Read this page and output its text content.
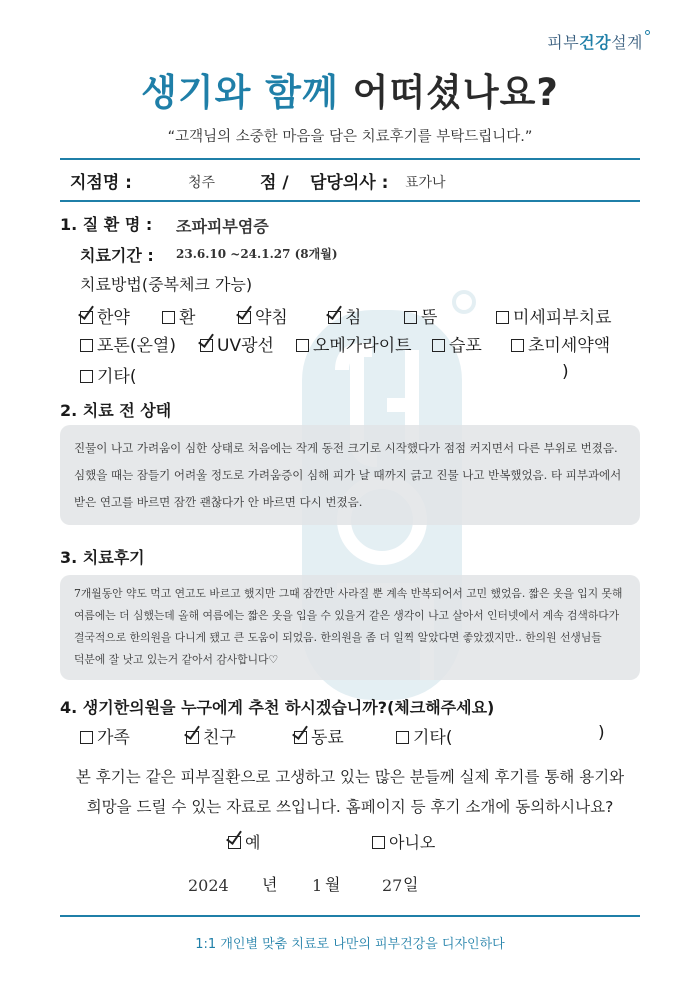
피부건강설계
생기와 함께 어떠셨나요?
“고객님의 소중한 마음을 담은 치료후기를 부탁드립니다.”
지점명 :	청주	점 / 담당의사 : 표가나
1. 질 환 명 : 조파피부염증
치료기간 : 23.6.10 ~24.1.27 (8개월)
치료방법(중복체크 가능)
한약	환	약침	침	뜸	미세피부치료
포톤(온열)	UV광선	오메가라이트	습포	초미세약액
기타(	)
2. 치료 전 상태

진물이 나고 가려움이 심한 상태로 처음에는 작게 동전 크기로 시작했다가 점점 커지면서 다른 부위로 번졌음. 심했을 때는 잠들기 어려울 정도로 가려움증이 심해 피가 날 때까지 긁고 진물 나고 반복했었음. 타 피부과에서 받은 연고를 바르면 잠깐 괜찮다가 안 바르면 다시 번졌음.

3. 치료후기

7개월동안 약도 먹고 연고도 바르고 했지만 그때 잠깐만 사라질 뿐 계속 반복되어서 고민 했었음. 짧은 옷을 입지 못해 여름에는 더 심했는데 올해 여름에는 짧은 옷을 입을 수 있을거 같은 생각이 나고 살아서 인터넷에서 계속 검색하다가 결국적으로 한의원을 다니게 됐고 큰 도움이 되었음. 한의원을 좀 더 일찍 알았다면 좋았겠지만.. 한의원 선생님들 덕분에 잘 낫고 있는거 같아서 감사합니다♡

4. 생기한의원을 누구에게 추천 하시겠습니까?(체크해주세요)
가족	친구	동료	기타(	)
본 후기는 같은 피부질환으로 고생하고 있는 많은 분들께 실제 후기를 통해 용기와
희망을 드릴 수 있는 자료로 쓰입니다. 홈페이지 등 후기 소개에 동의하시나요?
예	아니오
2024 년 1 월	27 일
1:1 개인별 맞춤 치료로 나만의 피부건강을 디자인하다
